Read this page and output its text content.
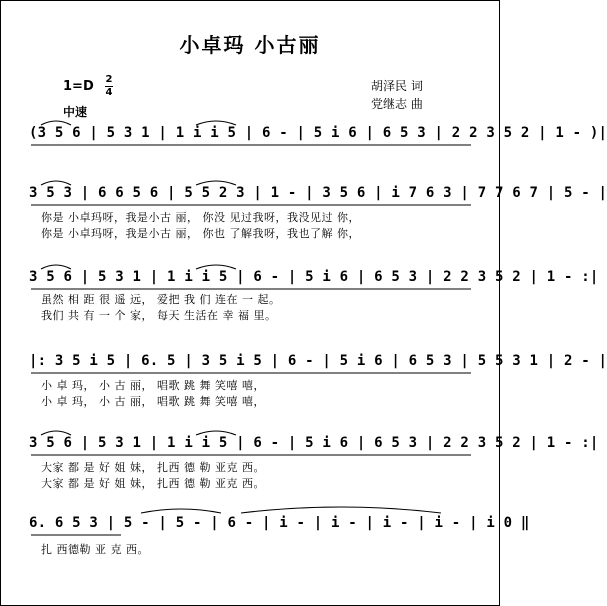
小卓玛 小古丽
1=D 2
4
中速
胡泽民 词
党继志 曲
(3 5 6 | 5 3 1 | 1 i i 5 | 6 - | 5 i 6 | 6 5 3 | 2 2 3 5 2 | 1 - )|
3 5 3 | 6 6 5 6 | 5 5 2 3 | 1 - | 3 5 6 | i 7 6 3 | 7 7 6 7 | 5 - |
你是 小卓玛呀，我是小古 丽， 你没 见过我呀，我没见过 你，
你是 小卓玛呀，我是小古 丽， 你也 了解我呀，我也了解 你，
3 5 6 | 5 3 1 | 1 i i 5 | 6 - | 5 i 6 | 6 5 3 | 2 2 3 5 2 | 1 - :|
虽然 相 距 很 遥 远， 爱把 我 们 连在 一 起。
我们 共 有 一 个 家， 每天 生活在 幸 福 里。
|: 3 5 i 5 | 6. 5 | 3 5 i 5 | 6 - | 5 i 6 | 6 5 3 | 5 5 3 1 | 2 - |
小 卓 玛， 小 古 丽， 唱歌 跳 舞 笑嘻 嘻，
小 卓 玛， 小 古 丽， 唱歌 跳 舞 笑嘻 嘻，
3 5 6 | 5 3 1 | 1 i i 5 | 6 - | 5 i 6 | 6 5 3 | 2 2 3 5 2 | 1 - :|
大家 都 是 好 姐 妹， 扎西 德 勒 亚克 西。
大家 都 是 好 姐 妹， 扎西 德 勒 亚克 西。
6. 6 5 3 | 5 - | 5 - | 6 - | i - | i - | i - | i - | i 0 ‖
扎 西德勒 亚 克 西。
